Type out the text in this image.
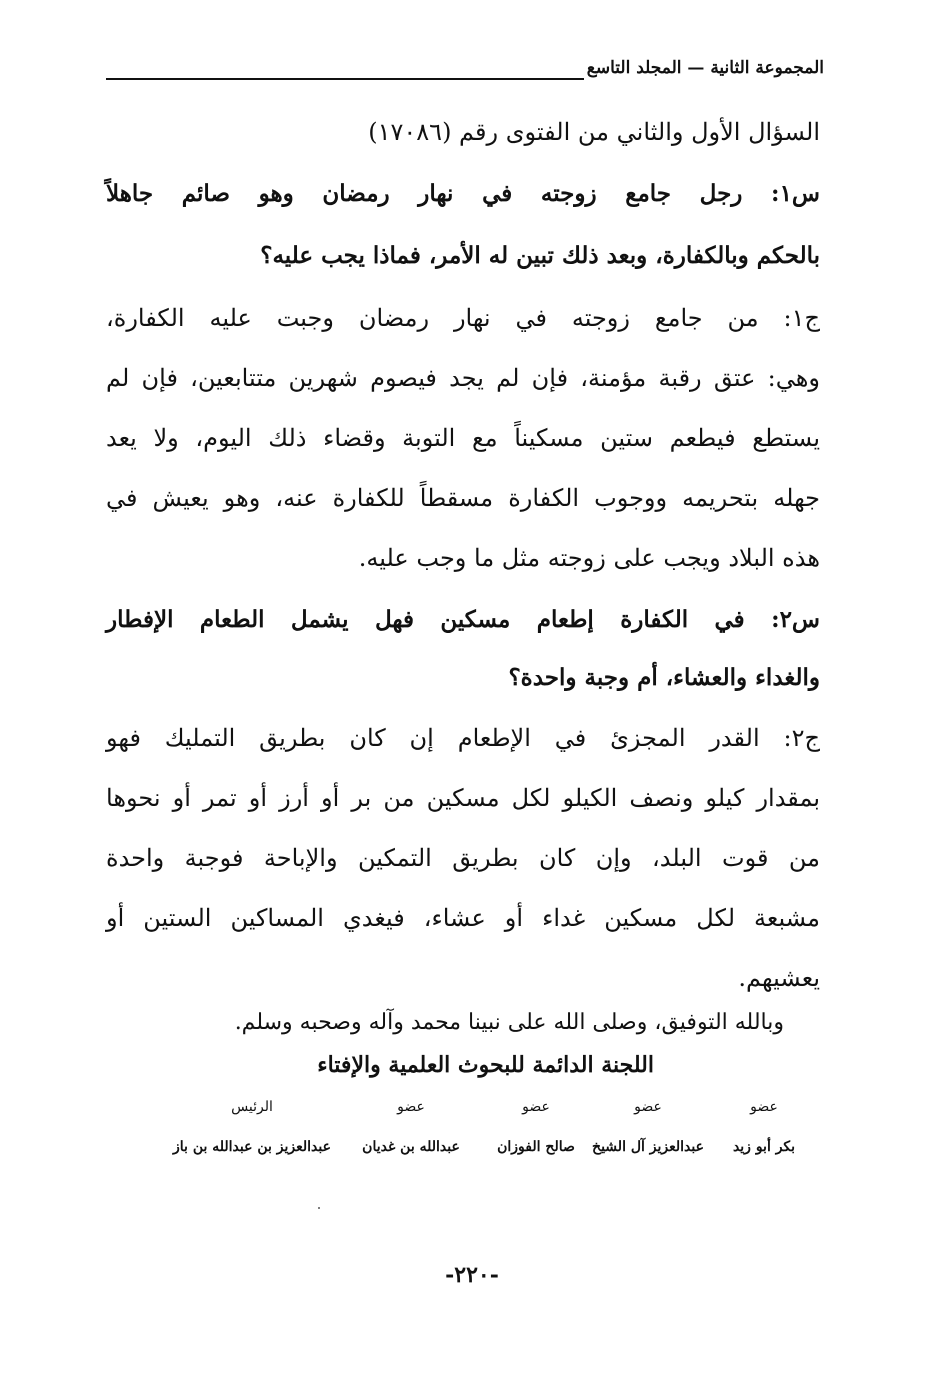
المجموعة الثانية — المجلد التاسع
السؤال الأول والثاني من الفتوى رقم (١٧٠٨٦)
س١: رجل جامع زوجته في نهار رمضان وهو صائم جاهلاً
بالحكم وبالكفارة، وبعد ذلك تبين له الأمر، فماذا يجب عليه؟
ج١: من جامع زوجته في نهار رمضان وجبت عليه الكفارة،
وهي: عتق رقبة مؤمنة، فإن لم يجد فيصوم شهرين متتابعين، فإن لم
يستطع فيطعم ستين مسكيناً مع التوبة وقضاء ذلك اليوم، ولا يعد
جهله بتحريمه ووجوب الكفارة مسقطاً للكفارة عنه، وهو يعيش في
هذه البلاد ويجب على زوجته مثل ما وجب عليه.
س٢: في الكفارة إطعام مسكين فهل يشمل الطعام الإفطار
والغداء والعشاء، أم وجبة واحدة؟
ج٢: القدر المجزئ في الإطعام إن كان بطريق التمليك فهو
بمقدار كيلو ونصف الكيلو لكل مسكين من بر أو أرز أو تمر أو نحوها
من قوت البلد، وإن كان بطريق التمكين والإباحة فوجبة واحدة
مشبعة لكل مسكين غداء أو عشاء، فيغدي المساكين الستين أو
يعشيهم.
وبالله التوفيق، وصلى الله على نبينا محمد وآله وصحبه وسلم.
اللجنة الدائمة للبحوث العلمية والإفتاء
عضو
بكر أبو زيد
عضو
عبدالعزيز آل الشيخ
عضو
صالح الفوزان
عضو
عبدالله بن غديان
الرئيس
عبدالعزيز بن عبدالله بن باز
-٢٢٠-
